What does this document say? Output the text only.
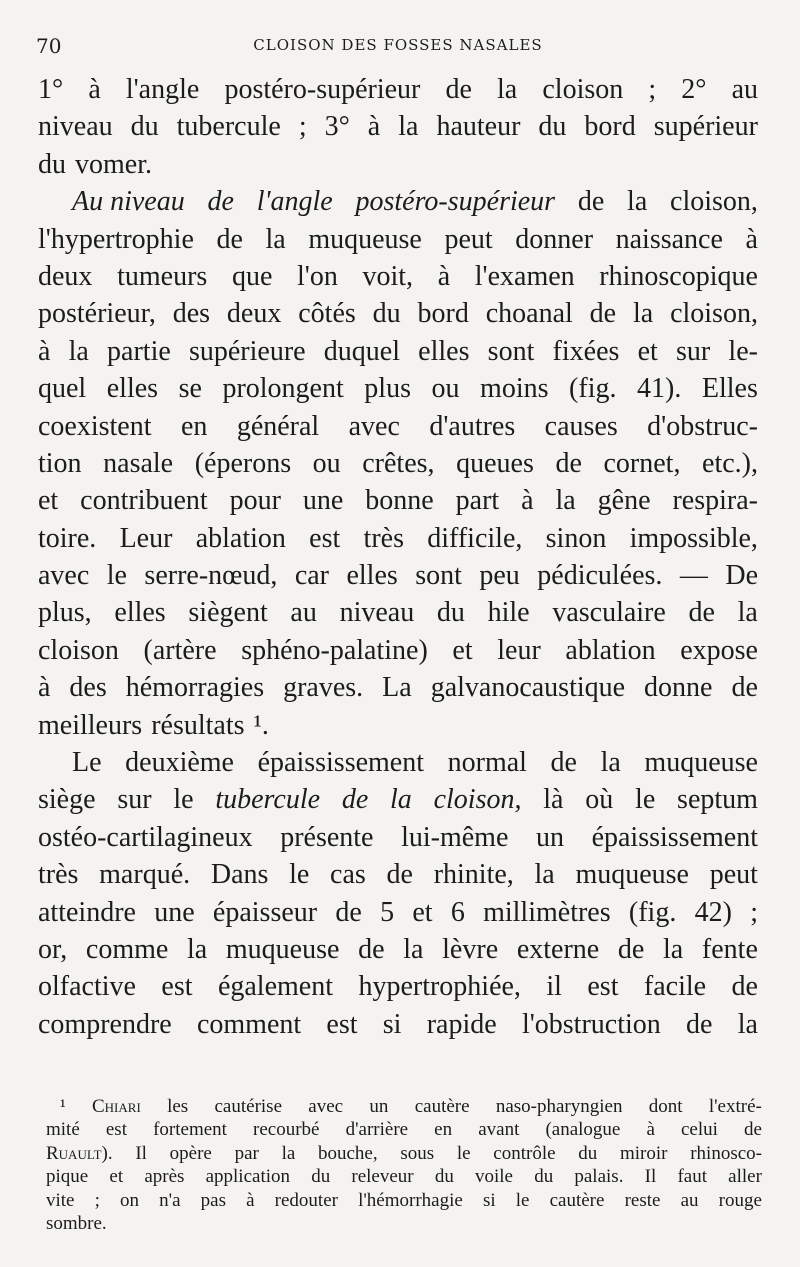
70	CLOISON DES FOSSES NASALES
1° à l'angle postéro-supérieur de la cloison ; 2° au
niveau du tubercule ; 3° à la hauteur du bord supérieur
du vomer.
Au niveau de l'angle postéro-supérieur de la cloison,
l'hypertrophie de la muqueuse peut donner naissance à
deux tumeurs que l'on voit, à l'examen rhinoscopique
postérieur, des deux côtés du bord choanal de la cloison,
à la partie supérieure duquel elles sont fixées et sur le-
quel elles se prolongent plus ou moins (fig. 41). Elles
coexistent en général avec d'autres causes d'obstruc-
tion nasale (éperons ou crêtes, queues de cornet, etc.),
et contribuent pour une bonne part à la gêne respira-
toire. Leur ablation est très difficile, sinon impossible,
avec le serre-nœud, car elles sont peu pédiculées. — De
plus, elles siègent au niveau du hile vasculaire de la
cloison (artère sphéno-palatine) et leur ablation expose
à des hémorragies graves. La galvanocaustique donne de
meilleurs résultats ¹.
Le deuxième épaississement normal de la muqueuse
siège sur le tubercule de la cloison, là où le septum
ostéo-cartilagineux présente lui-même un épaississement
très marqué. Dans le cas de rhinite, la muqueuse peut
atteindre une épaisseur de 5 et 6 millimètres (fig. 42) ;
or, comme la muqueuse de la lèvre externe de la fente
olfactive est également hypertrophiée, il est facile de
comprendre comment est si rapide l'obstruction de la
¹ Chiari les cautérise avec un cautère naso-pharyngien dont l'extré-
mité est fortement recourbé d'arrière en avant (analogue à celui de
Ruault). Il opère par la bouche, sous le contrôle du miroir rhinosco-
pique et après application du releveur du voile du palais. Il faut aller
vite ; on n'a pas à redouter l'hémorrhagie si le cautère reste au rouge
sombre.
